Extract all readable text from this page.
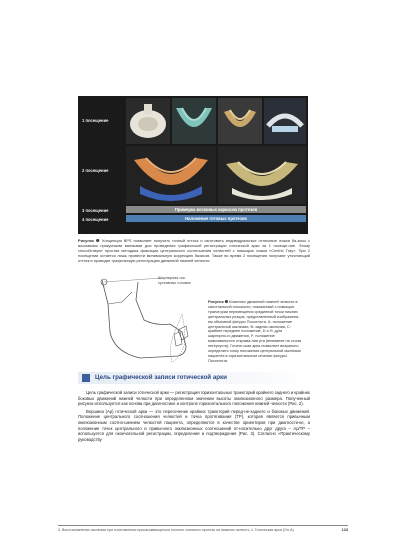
1 посещение
2 посещение
3 посещение	Примерка восковых каркасов протезов
4 посещение	Наложение готовых протезов
Рисунок ❶ Концепция BPS позволяет получить точный оттиск и изготовить индивидуальные оттискные ложки ба-зисы с восковыми прикусными валиками для проведения графической регистрации готической арки за 1 посеще-ние. Этому способствуют простая методика фиксации центрального соотношения челюстей с помощью ложки «Centric Tray». При 2 посещении остается лишь провести минимальную коррекцию базисов. Также во время 2 посещения получают уточняющий оттиск и проводят графическую регистрацию движений нижней челюсти.
Шарнирная ось суставных головок
Рисунок ❷ Комплекс движений нижней челюсти в сагиттальной плоскости, показанный с помощью траектории перемещения срединной точки нижних центральных резцов, представленный изображени-ем объемной фигуры Посселъта. А: положение центральной окклюзии, В: задняя окклюзия, С: крайнее переднее положение, D и Н: дуга шарнирно-го движения, F: положение максимального открыва-ния рта (внимание на стопы петергуста). Готиче-ская арка позволяет визуально определить точку положения центральной окклюзии пациента в горизонтальном сечении фигуры Посселъта.
Цель графической записи готической арки

Цель графической записи готической арки — регистрация горизонтальных траекторий крайнего заднего и крайних боковых движений нижней челюсти при определенном значении высоты окклюзионного размера. Полученный рисунок используется как основа при диагностике и контроле горизонтального положения нижней челюсти (Рис. 2).

Вершина (Ар) готической арки — это пересечение крайних траекторий перед-не-заднего и боковых движений. Положение центрального соотношения челюстей и точка протягивания (ТР), которая является привычным окклюзионным соотно-шением челюстей пациента, определяются в качестве ориентиров при диагности-ке, а положение точек центрального и привычного окклюзионных соотношений от-носительно друг друга – Ар/ТР – используется для окончательной регистрации, определения и подтверждения (Рис. 3). Согласно «Практическому руководству

3. Восстановление окклюзии при изготовлении присасывающегося полного съемного протеза на нижнюю челюсть ① Готическая арка (Gn-A)	123
